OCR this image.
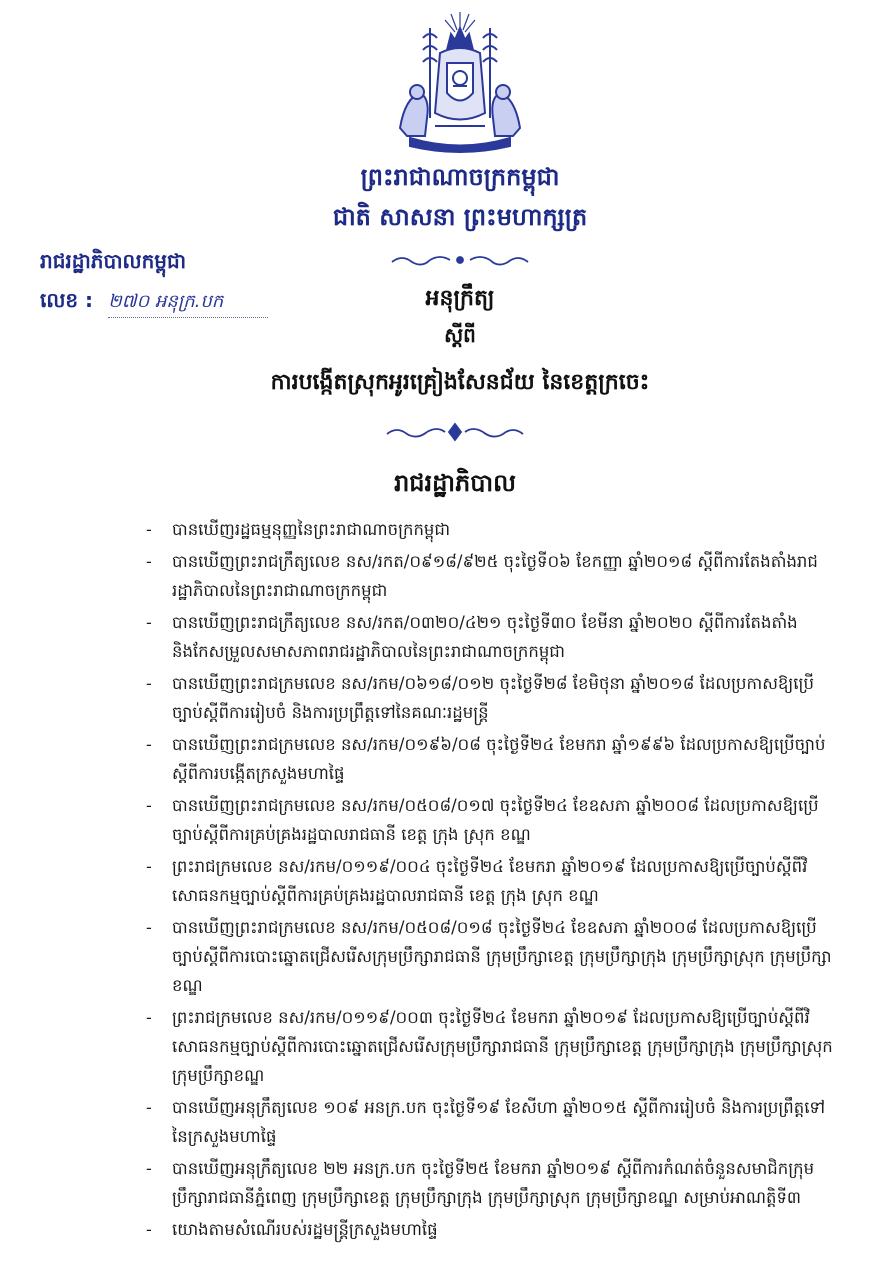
ព្រះរាជាណាចក្រកម្ពុជា
ជាតិ សាសនា ព្រះមហាក្សត្រ
រាជរដ្ឋាភិបាលកម្ពុជា
លេខ : ២៧០ អនុក្រ.បក	អនុក្រឹត្យ
ស្តីពី
ការបង្កើតស្រុកអូរគ្រៀងសែនជ័យ នៃខេត្តក្រចេះ
រាជរដ្ឋាភិបាល
- បានឃើញរដ្ឋធម្មនុញ្ញនៃព្រះរាជាណាចក្រកម្ពុជា
- បានឃើញព្រះរាជក្រឹត្យលេខ នស/រកត/០៩១៨/៩២៥ ចុះថ្ងៃទី០៦ ខែកញ្ញា ឆ្នាំ២០១៨ ស្តីពីការតែងតាំងរាជរដ្ឋាភិបាលនៃព្រះរាជាណាចក្រកម្ពុជា
- បានឃើញព្រះរាជក្រឹត្យលេខ នស/រកត/០៣២០/៤២១ ចុះថ្ងៃទី៣០ ខែមីនា ឆ្នាំ២០២០ ស្តីពីការតែងតាំង និងកែសម្រួលសមាសភាពរាជរដ្ឋាភិបាលនៃព្រះរាជាណាចក្រកម្ពុជា
- បានឃើញព្រះរាជក្រមលេខ នស/រកម/០៦១៨/០១២ ចុះថ្ងៃទី២៨ ខែមិថុនា ឆ្នាំ២០១៨ ដែលប្រកាសឱ្យប្រើច្បាប់ស្តីពីការរៀបចំ និងការប្រព្រឹត្តទៅនៃគណៈរដ្ឋមន្ត្រី
- បានឃើញព្រះរាជក្រមលេខ នស/រកម/០១៩៦/០៨ ចុះថ្ងៃទី២៤ ខែមករា ឆ្នាំ១៩៩៦ ដែលប្រកាសឱ្យប្រើច្បាប់ស្តីពីការបង្កើតក្រសួងមហាផ្ទៃ
- បានឃើញព្រះរាជក្រមលេខ នស/រកម/០៥០៨/០១៧ ចុះថ្ងៃទី២៤ ខែឧសភា ឆ្នាំ២០០៨ ដែលប្រកាសឱ្យប្រើច្បាប់ស្តីពីការគ្រប់គ្រងរដ្ឋបាលរាជធានី ខេត្ត ក្រុង ស្រុក ខណ្ឌ
- ព្រះរាជក្រមលេខ នស/រកម/០១១៩/០០៤ ចុះថ្ងៃទី២៤ ខែមករា ឆ្នាំ២០១៩ ដែលប្រកាសឱ្យប្រើច្បាប់ស្តីពីវិសោធនកម្មច្បាប់ស្តីពីការគ្រប់គ្រងរដ្ឋបាលរាជធានី ខេត្ត ក្រុង ស្រុក ខណ្ឌ
- បានឃើញព្រះរាជក្រមលេខ នស/រកម/០៥០៨/០១៨ ចុះថ្ងៃទី២៤ ខែឧសភា ឆ្នាំ២០០៨ ដែលប្រកាសឱ្យប្រើច្បាប់ស្តីពីការបោះឆ្នោតជ្រើសរើសក្រុមប្រឹក្សារាជធានី ក្រុមប្រឹក្សាខេត្ត ក្រុមប្រឹក្សាក្រុង ក្រុមប្រឹក្សាស្រុក ក្រុមប្រឹក្សាខណ្ឌ
- ព្រះរាជក្រមលេខ នស/រកម/០១១៩/០០៣ ចុះថ្ងៃទី២៤ ខែមករា ឆ្នាំ២០១៩ ដែលប្រកាសឱ្យប្រើច្បាប់ស្តីពីវិសោធនកម្មច្បាប់ស្តីពីការបោះឆ្នោតជ្រើសរើសក្រុមប្រឹក្សារាជធានី ក្រុមប្រឹក្សាខេត្ត ក្រុមប្រឹក្សាក្រុង ក្រុមប្រឹក្សាស្រុក ក្រុមប្រឹក្សាខណ្ឌ
- បានឃើញអនុក្រឹត្យលេខ ១០៩ អនក្រ.បក ចុះថ្ងៃទី១៩ ខែសីហា ឆ្នាំ២០១៥ ស្តីពីការរៀបចំ និងការប្រព្រឹត្តទៅនៃក្រសួងមហាផ្ទៃ
- បានឃើញអនុក្រឹត្យលេខ ២២ អនក្រ.បក ចុះថ្ងៃទី២៥ ខែមករា ឆ្នាំ២០១៩ ស្តីពីការកំណត់ចំនួនសមាជិកក្រុមប្រឹក្សារាជធានីភ្នំពេញ ក្រុមប្រឹក្សាខេត្ត ក្រុមប្រឹក្សាក្រុង ក្រុមប្រឹក្សាស្រុក ក្រុមប្រឹក្សាខណ្ឌ សម្រាប់អាណត្តិទី៣
- យោងតាមសំណើរបស់រដ្ឋមន្ត្រីក្រសួងមហាផ្ទៃ
